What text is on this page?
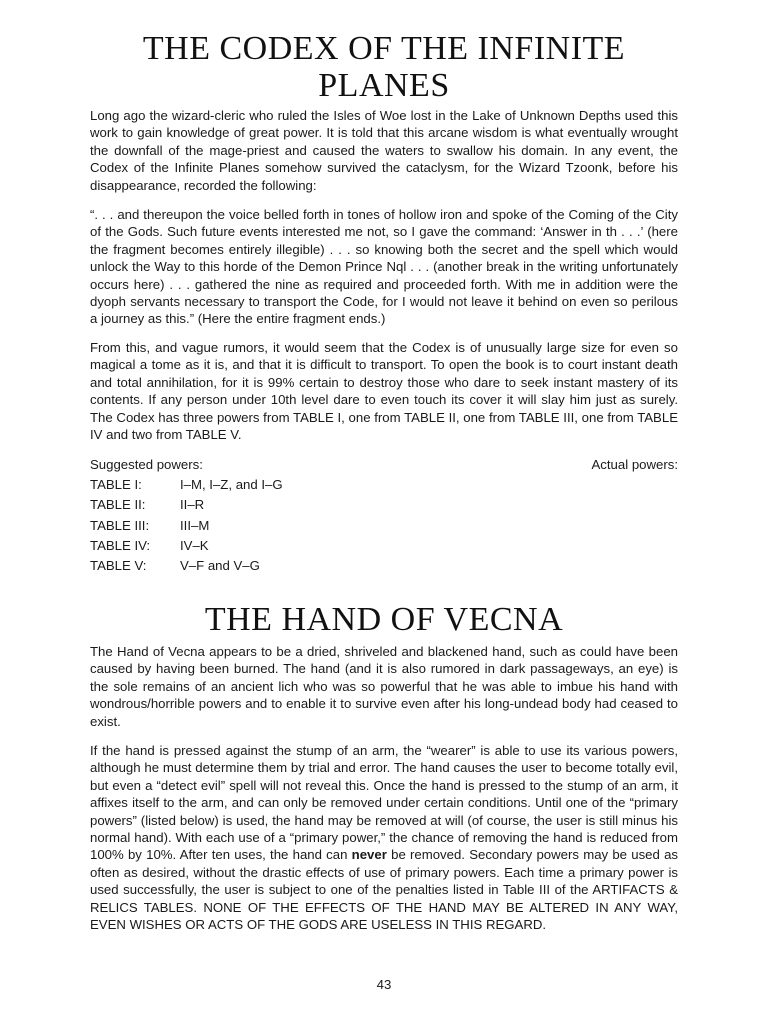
THE CODEX OF THE INFINITE PLANES

Long ago the wizard-cleric who ruled the Isles of Woe lost in the Lake of Unknown Depths used this work to gain knowledge of great power. It is told that this arcane wisdom is what eventually wrought the downfall of the mage-priest and caused the waters to swallow his domain. In any event, the Codex of the Infinite Planes somehow survived the cataclysm, for the Wizard Tzoonk, before his disappearance, recorded the following:

“. . . and thereupon the voice belled forth in tones of hollow iron and spoke of the Coming of the City of the Gods. Such future events interested me not, so I gave the command: ‘Answer in th . . .’ (here the fragment becomes entirely illegible) . . . so knowing both the secret and the spell which would unlock the Way to this horde of the Demon Prince Nql . . . (another break in the writing unfortunately occurs here) . . . gathered the nine as required and proceeded forth. With me in addition were the dyoph servants necessary to transport the Code, for I would not leave it behind on even so perilous a journey as this.” (Here the entire fragment ends.)

From this, and vague rumors, it would seem that the Codex is of unusually large size for even so magical a tome as it is, and that it is difficult to transport. To open the book is to court instant death and total annihilation, for it is 99% certain to destroy those who dare to seek instant mastery of its contents. If any person under 10th level dare to even touch its cover it will slay him just as surely. The Codex has three powers from TABLE I, one from TABLE II, one from TABLE III, one from TABLE IV and two from TABLE V.

Suggested powers:	Actual powers:
TABLE I:	I–M, I–Z, and I–G
TABLE II:	II–R
TABLE III:	III–M
TABLE IV:	IV–K
TABLE V:	V–F and V–G
THE HAND OF VECNA

The Hand of Vecna appears to be a dried, shriveled and blackened hand, such as could have been caused by having been burned. The hand (and it is also rumored in dark passageways, an eye) is the sole remains of an ancient lich who was so powerful that he was able to imbue his hand with wondrous/horrible powers and to enable it to survive even after his long-undead body had ceased to exist.

If the hand is pressed against the stump of an arm, the “wearer” is able to use its various powers, although he must determine them by trial and error. The hand causes the user to become totally evil, but even a “detect evil” spell will not reveal this. Once the hand is pressed to the stump of an arm, it affixes itself to the arm, and can only be removed under certain conditions. Until one of the “primary powers” (listed below) is used, the hand may be removed at will (of course, the user is still minus his normal hand). With each use of a “primary power,” the chance of removing the hand is reduced from 100% by 10%. After ten uses, the hand can never be removed. Secondary powers may be used as often as desired, without the drastic effects of use of primary powers. Each time a primary power is used successfully, the user is subject to one of the penalties listed in Table III of the ARTIFACTS & RELICS TABLES. NONE OF THE EFFECTS OF THE HAND MAY BE ALTERED IN ANY WAY, EVEN WISHES OR ACTS OF THE GODS ARE USELESS IN THIS REGARD.

43
